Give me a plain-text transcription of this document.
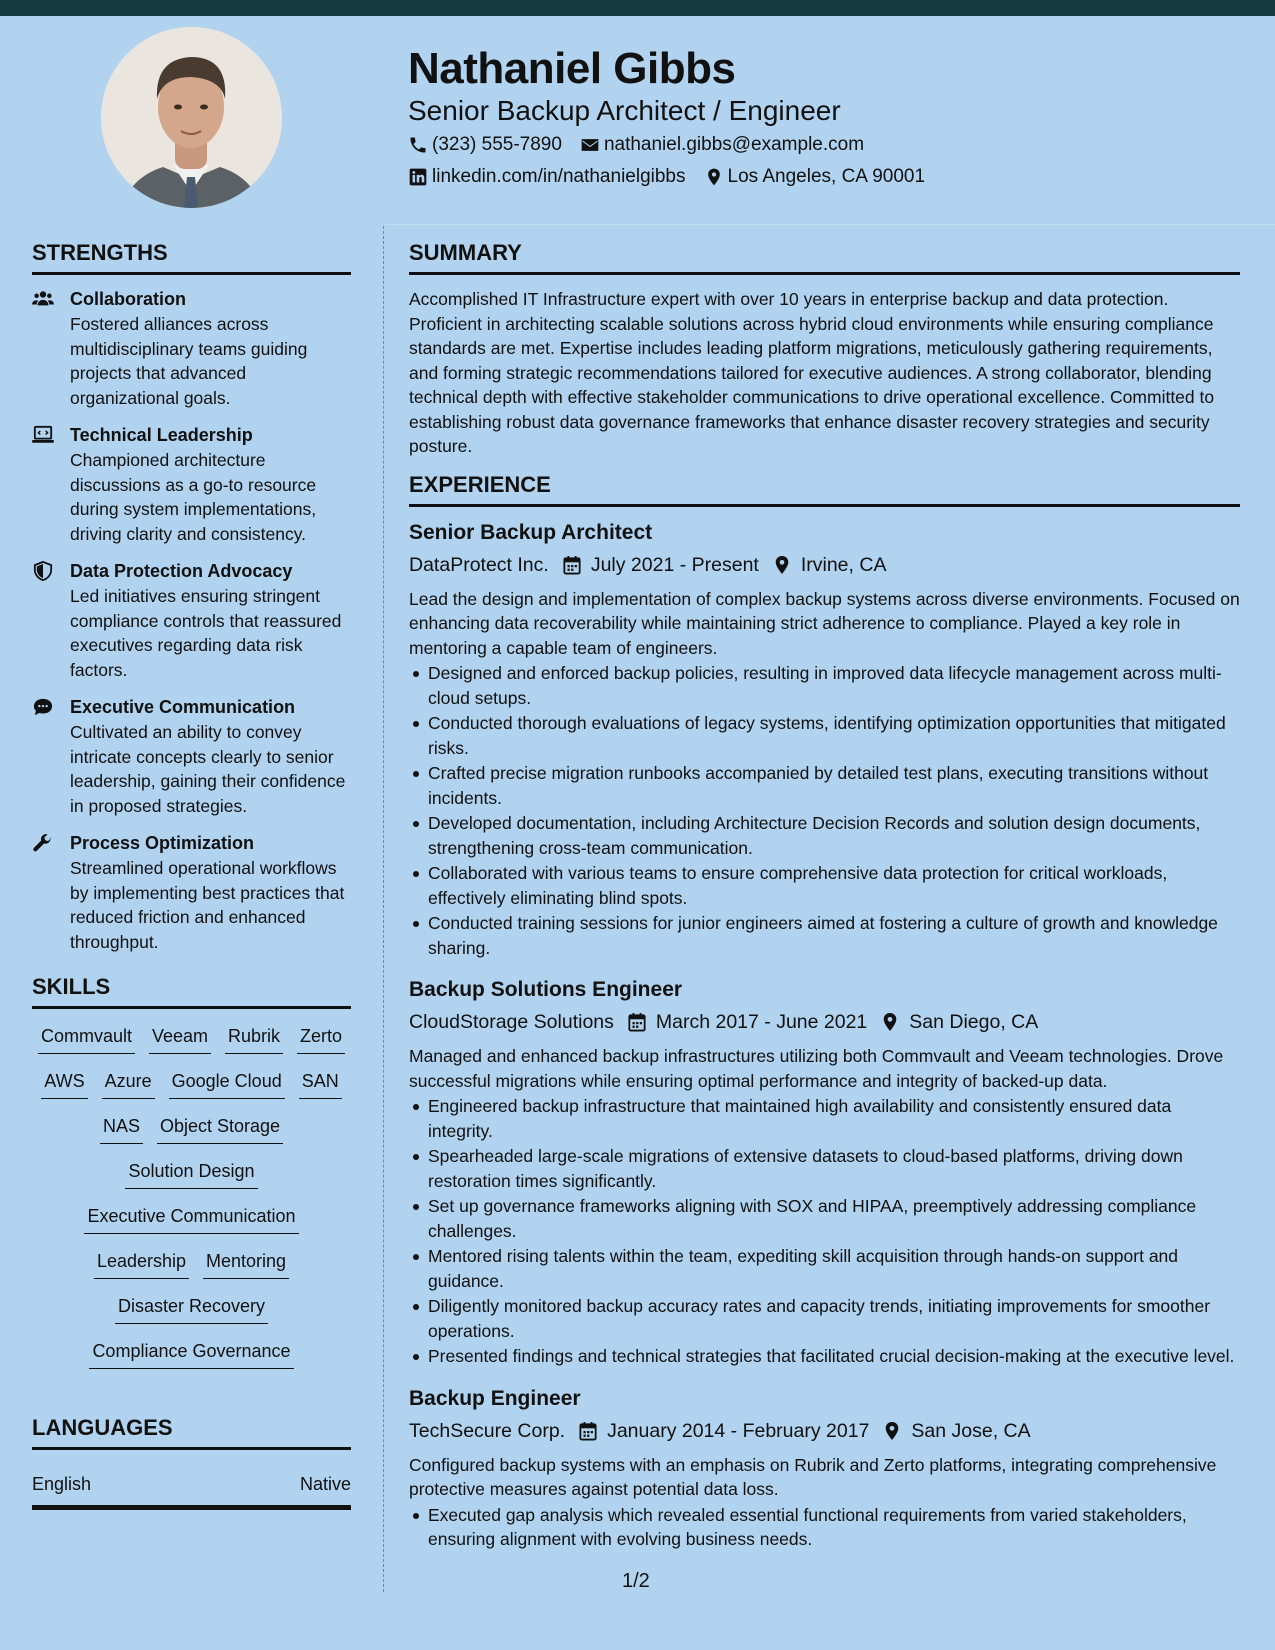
Nathaniel Gibbs
Senior Backup Architect / Engineer
(323) 555-7890 nathaniel.gibbs@example.com
linkedin.com/in/nathanielgibbs Los Angeles, CA 90001
STRENGTHS
Collaboration
Fostered alliances across multidisciplinary teams guiding projects that advanced organizational goals.
Technical Leadership
Championed architecture discussions as a go-to resource during system implementations, driving clarity and consistency.
Data Protection Advocacy
Led initiatives ensuring stringent compliance controls that reassured executives regarding data risk factors.
Executive Communication
Cultivated an ability to convey intricate concepts clearly to senior leadership, gaining their confidence in proposed strategies.
Process Optimization
Streamlined operational workflows by implementing best practices that reduced friction and enhanced throughput.
SKILLS
Commvault Veeam Rubrik Zerto
AWS Azure Google Cloud SAN
NAS Object Storage
Solution Design
Executive Communication
Leadership Mentoring
Disaster Recovery
Compliance Governance
LANGUAGES
English	Native
SUMMARY
Accomplished IT Infrastructure expert with over 10 years in enterprise backup and data protection. Proficient in architecting scalable solutions across hybrid cloud environments while ensuring compliance standards are met. Expertise includes leading platform migrations, meticulously gathering requirements, and forming strategic recommendations tailored for executive audiences. A strong collaborator, blending technical depth with effective stakeholder communications to drive operational excellence. Committed to establishing robust data governance frameworks that enhance disaster recovery strategies and security posture.
EXPERIENCE
Senior Backup Architect
DataProtect Inc. July 2021 - Present Irvine, CA
Lead the design and implementation of complex backup systems across diverse environments. Focused on enhancing data recoverability while maintaining strict adherence to compliance. Played a key role in mentoring a capable team of engineers.
Designed and enforced backup policies, resulting in improved data lifecycle management across multi-cloud setups.
Conducted thorough evaluations of legacy systems, identifying optimization opportunities that mitigated risks.
Crafted precise migration runbooks accompanied by detailed test plans, executing transitions without incidents.
Developed documentation, including Architecture Decision Records and solution design documents, strengthening cross-team communication.
Collaborated with various teams to ensure comprehensive data protection for critical workloads, effectively eliminating blind spots.
Conducted training sessions for junior engineers aimed at fostering a culture of growth and knowledge sharing.
Backup Solutions Engineer
CloudStorage Solutions March 2017 - June 2021 San Diego, CA
Managed and enhanced backup infrastructures utilizing both Commvault and Veeam technologies. Drove successful migrations while ensuring optimal performance and integrity of backed-up data.
Engineered backup infrastructure that maintained high availability and consistently ensured data integrity.
Spearheaded large-scale migrations of extensive datasets to cloud-based platforms, driving down restoration times significantly.
Set up governance frameworks aligning with SOX and HIPAA, preemptively addressing compliance challenges.
Mentored rising talents within the team, expediting skill acquisition through hands-on support and guidance.
Diligently monitored backup accuracy rates and capacity trends, initiating improvements for smoother operations.
Presented findings and technical strategies that facilitated crucial decision-making at the executive level.
Backup Engineer
TechSecure Corp. January 2014 - February 2017 San Jose, CA
Configured backup systems with an emphasis on Rubrik and Zerto platforms, integrating comprehensive protective measures against potential data loss.
Executed gap analysis which revealed essential functional requirements from varied stakeholders, ensuring alignment with evolving business needs.
1/2
